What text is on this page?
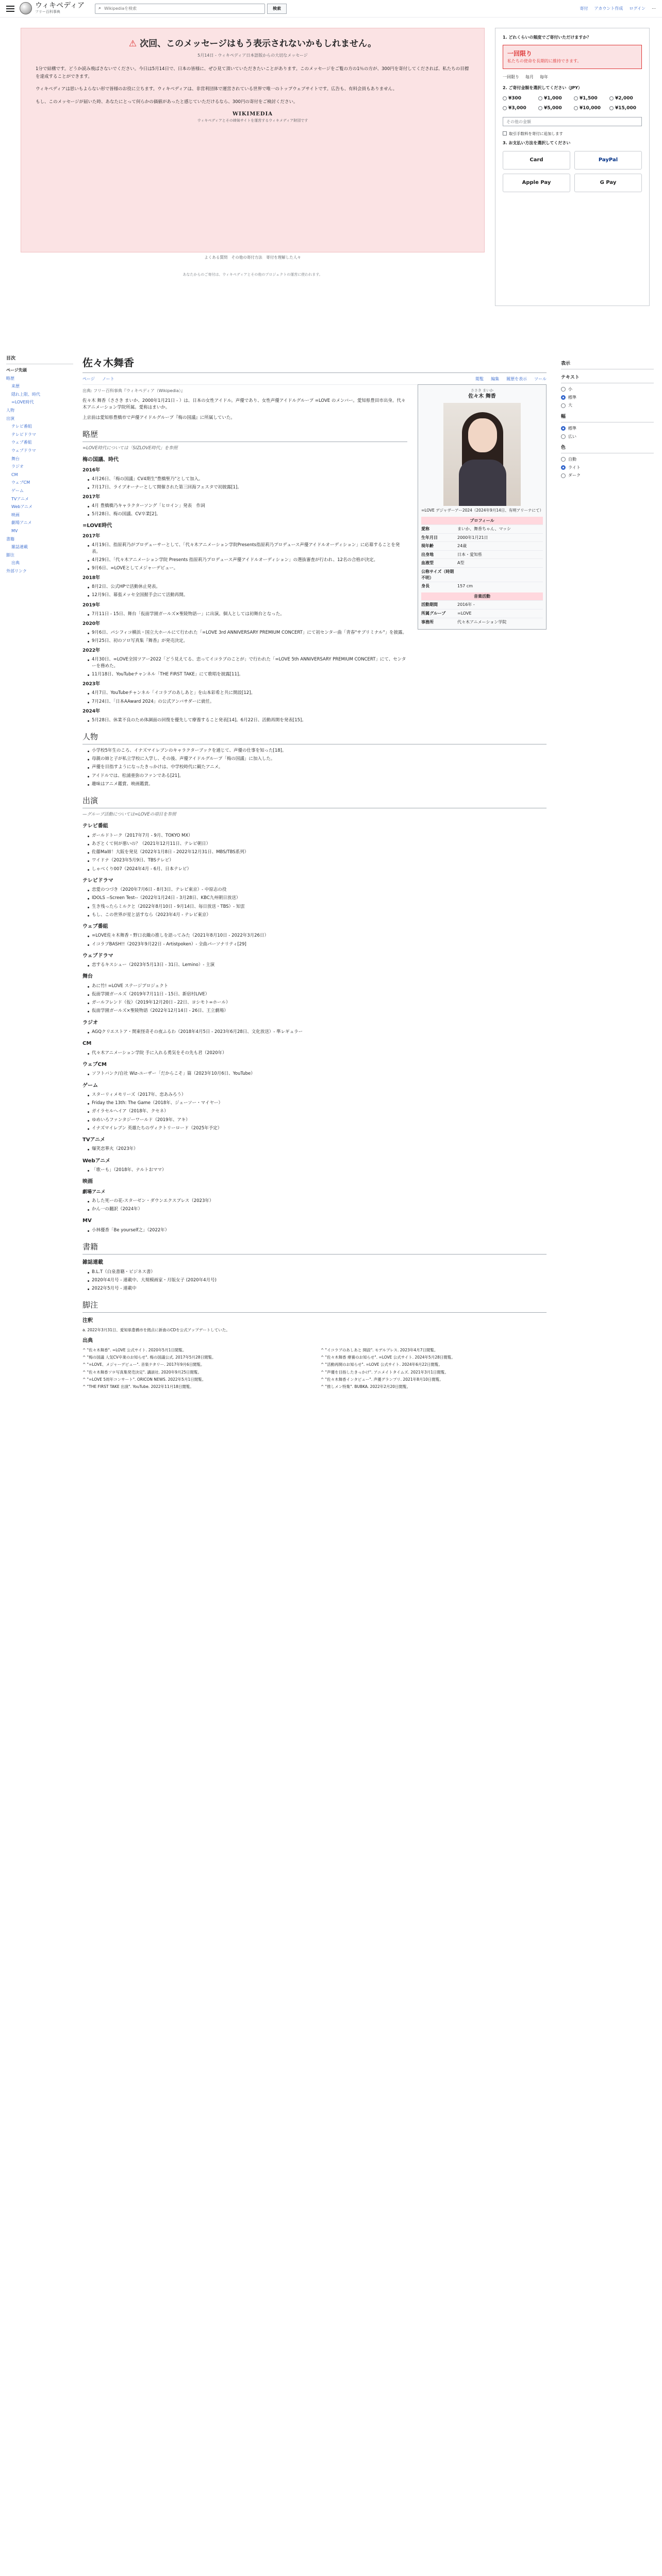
ウィキペディア
フリー百科事典
⌕
Wikipediaを検索	検索	寄付 アカウント作成 ログイン ⋯
⚠ 次回、このメッセージはもう表示されないかもしれません。
5月14日 - ウィキペディア日本語版からの大切なメッセージ

1分で結構です。どうか読み飛ばさないでください。今日は5月14日で、日本の皆様に、ぜひ見て頂いていただきたいことがあります。このメッセージをご覧の方の1％の方が、300円を寄付してくだされば、私たちの目標を達成することができます。

ウィキペディアは思いもよらない形で皆様のお役に立ちます。ウィキペディアは、非営利団体で運営されている世界で唯一のトップウェブサイトです。広告も、有料会員もありません。

もし、このメッセージが届いた時、あなたにとって何らかの価値があったと感じていただけるなら、300円の寄付をご検討ください。

WIKIMEDIA
ウィキペディアとその姉妹サイトを運営するウィキメディア財団です
よくある質問　その他の寄付方法　寄付を理解した人々
あなたからのご寄付は、ウィキペディアとその他のプロジェクトの運営に使われます。
1. どれくらいの頻度でご寄付いただけますか？
一回限り
私たちの使命を長期的に維持できます。
一回限り 毎月 毎年
2. ご寄付金額を選択してください（JPY）
¥300	¥1,000	¥1,500	¥2,000
¥3,000	¥5,000	¥10,000	¥15,000
その他の金額
取引手数料を寄付に追加します
3. お支払い方法を選択してください
Card	PayPal
Apple Pay	G Pay
目次
ページ先頭
略歴
来歴
隠れ上限、時代
=LOVE時代
人物
出演
テレビ番組
テレビドラマ
ウェブ番組
ウェブドラマ
舞台
ラジオ
CM
ウェブCM
ゲーム
TVアニメ
Webアニメ
映画
劇場アニメ
MV
書籍
雑誌連載
脚注
出典
外部リンク
佐々木舞香
ページ ノート	閲覧 編集 履歴を表示 ツール
出典: フリー百科事典『ウィキペディア（Wikipedia）』	ささき まいか
佐々木 舞香
=LOVE デジャヴーアー2024（2024年9月14日、有明アリーナにて）
プロフィール
愛称	まいか、舞香ちゃん、マッシ
生年月日	2000年1月21日
現年齢	24歳
出身地	日本・愛知県
血液型	A型
公称サイズ（時期不明）
身長	157 cm
音楽活動
活動期間	2016年 -
所属グループ	=LOVE
事務所	代々木アニメーション学院

佐々木 舞香（ささき まいか、2000年1月21日 - ）は、日本の女性アイドル。声優であり、女性声優アイドルグループ =LOVE のメンバー。愛知県豊田市出身。代々木アニメーション学院所属。愛称はまいか。

上京前は愛知県豊橋市で声優アイドルグループ『梅の国議』に所属していた。

略歴

=LOVE時代については「SIZLOVE時代」を参照

梅の国議、時代
2016年
4月26日、「梅の国議」CV4期生"豊橋聖乃"として加入。
7月17日、ライブオーナーとして開催された第三回海フェスタで初披露[1]。
2017年
4月 豊橋橋乃キャラクターソング「ヒロイン」発表　作詞
5月28日、梅の国議、CV卒業[2]。
=LOVE時代
2017年
4月19日、指原莉乃がプロデューサーとして、「代々木アニメーション学院Presents指原莉乃プロデュース声優アイドルオーディション」に応募することを発表。
4月29日、「代々木アニメーション学院 Presents 指原莉乃プロデュース声優アイドルオーディション」の選抜審査が行われ、12名の合格が決定。
9月6日、=LOVEとしてメジャーデビュー。
2018年
8月2日、公式HPで活動休止発表。
12月9日、幕張メッセ全国握手会にて活動再開。
2019年
7月11日 - 15日、舞台「仮面学園ガールズ×聖陵物語ー」に出演。個人としては初舞台となった。
2020年
9月6日、パシフィコ横浜・国立大ホールにて行われた「=LOVE 3rd ANNIVERSARY PREMIUM CONCERT」にて初センター曲「青春"サブリミナル"」を披露。
9月25日、初のソロ写真集『舞香』が発売決定。
2022年
4月30日、=LOVE全国ツアー2022「どう見えてる、恋ってイコラブのことが」で行われた「=LOVE 5th ANNIVERSARY PREMIUM CONCERT」にて、センターを務めた。
11月18日、YouTubeチャンネル「THE FIRST TAKE」にて歌唱を披露[11]。
2023年
4月7日、YouTubeチャンネル「イコラブのあしあと」を山本彩希と共に開設[12]。
7月24日、「日本AAward 2024」の公式アンバサダーに就任。
2024年
5月28日、休業不良のため体調面の回復を優先して療養すること発表[14]。6月22日、活動再開を発表[15]。
人物
小学校5年生のころ、イナズマイレブンのキャラクターブックを通じて、声優の仕事を知った[18]。
母親の姉と子が私立学校に入学し、その後、声優アイドルグループ「梅の国議」に加入した。
声優を目指すようになったきっかけは、中学校時代に観たアニメ。
アイドルでは、松浦亜弥のファンである[21]。
趣味はアニメ鑑賞、映画鑑賞。
出演

—グループ活動については=LOVEの項目を参照

テレビ番組
ガールドトーク（2017年7月 - 9月、TOKYO MX）
あざとくて何が悪いの？（2021年12月11日、テレビ朝日）
佐藤Ma姉！大阪を発見（2022年1月8日 - 2022年12月31日、MBS/TBS系列）
ワイドナ（2023年5月9日、TBSテレビ）
しゃべくり007（2024年4月 - 6月、日本テレビ）
テレビドラマ
恋愛のつづき（2020年7月6日 - 8月3日、テレビ東京）- 中原志の役
IDOLS --Screen Test--（2022年1月24日 - 3月28日、KBC九州朝日放送）
生き残ったらミルクと（2022年8月10日 - 9月14日、毎日放送・TBS）- 知雲
もし、この世界が星と話すなら（2023年4月 - テレビ東京）
ウェブ番組
=LOVE佐々木舞香・野口衣織の推しを語ってみた（2021年8月10日 - 2022年3月26日）
イコラブBASH!!（2023年9月22日 - Artistpoken）- 全曲パーソナリティ[29]
ウェブドラマ
恋するキスシュー（2023年5月13日 - 31日、Lemino）- 主演
舞台
あに竹! =LOVE ステージプロジェクト
仮面学園ガールズ（2019年7月11日 - 15日、新宿村LIVE）
ガールフレンド（仮）（2019年12月20日 - 22日、ヨシモト∞ホール）
仮面学園ガールズ×聖陵物語（2022年12月14日 - 26日、王立劇場）
ラジオ
AGQクリエストア・関東怪奇その夜ふるわ（2018年4月5日 - 2023年6月28日、文化放送）- 準レギュラー
CM
代々木アニメーション学院 手に入れる勇気をその先も君（2020年）
ウェブCM
ソフトバンク/自社 Wiz-ユーザー「だからこそ」篇（2023年10月6日、YouTube）
ゲーム
スターリィメモリーズ（2017年、恋あみろう）
Friday the 13th: The Game（2018年、ジェーソー・マイヤー）
ガイラセルヘイア（2018年、クセネ）
ゆめいろファンタジーワールド（2019年、アキ）
イナズマイレブン 英雄たちのヴィクトリーロード（2025年予定）
TVアニメ
爆笑恋華火（2023年）
Webアニメ
「歌ーも」（2018年、ナルトおママ）
映画
劇場アニメ
あした死ーの花-スターゼン・ダウンエクスプレス（2023年）
かん一の翻訳（2024年）
MV
小林優香「Be yourself之」（2022年）
書籍
雑誌連載
B.L.T（白泉書籍・ビジネス書）
2020年4月号 - 連載中、大規模画家・月版女子 (2020年4月号)
2022年5月号 - 連載中
脚注
注釈

a. 2022年3月31日、愛知県豊橋市を拠点に新曲のCDを公式アップデートしていた。

出典
^ "佐々木舞香". =LOVE 公式サイト. 2020年5月1日閲覧。
^ "梅の国議 人気CV卒業のお知らせ". 梅の国議公式. 2017年5月28日閲覧。
^ "=LOVE、メジャーデビュー". 音楽ナタリー. 2017年9月6日閲覧。
^ "佐々木舞香ソロ写真集発売決定". 講談社. 2020年9月25日閲覧。
^ "=LOVE 5周年コンサート". ORICON NEWS. 2022年5月1日閲覧。
^ "THE FIRST TAKE 出演". YouTube. 2022年11月18日閲覧。
^ "イコラブのあしあと 開設". モデルプレス. 2023年4月7日閲覧。
^ "佐々木舞香 療養のお知らせ". =LOVE 公式サイト. 2024年5月28日閲覧。
^ "活動再開のお知らせ". =LOVE 公式サイト. 2024年6月22日閲覧。
^ "声優を目指したきっかけ". アニメイトタイムズ. 2021年3月1日閲覧。
^ "佐々木舞香インタビュー". 声優グランプリ. 2021年8月10日閲覧。
^ "推しメン特集". BUBKA. 2022年2月20日閲覧。
表示
テキスト
小
標準
大
幅
標準
広い
色
自動
ライト
ダーク
